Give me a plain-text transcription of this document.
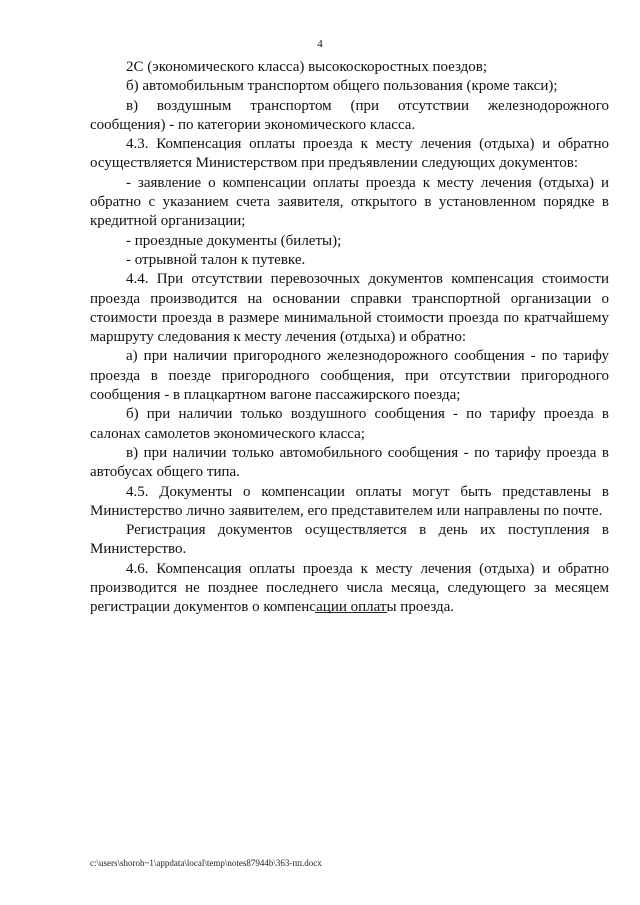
4

2С (экономического класса) высокоскоростных поездов;

б) автомобильным транспортом общего пользования (кроме такси);

в) воздушным транспортом (при отсутствии железнодорожного сообщения) - по категории экономического класса.

4.3. Компенсация оплаты проезда к месту лечения (отдыха) и обратно осуществляется Министерством при предъявлении следующих документов:

- заявление о компенсации оплаты проезда к месту лечения (отдыха) и обратно с указанием счета заявителя, открытого в установленном порядке в кредитной организации;

- проездные документы (билеты);

- отрывной талон к путевке.

4.4. При отсутствии перевозочных документов компенсация стоимости проезда производится на основании справки транспортной организации о стоимости проезда в размере минимальной стоимости проезда по кратчайшему маршруту следования к месту лечения (отдыха) и обратно:

а) при наличии пригородного железнодорожного сообщения - по тарифу проезда в поезде пригородного сообщения, при отсутствии пригородного сообщения - в плацкартном вагоне пассажирского поезда;

б) при наличии только воздушного сообщения - по тарифу проезда в салонах самолетов экономического класса;

в) при наличии только автомобильного сообщения - по тарифу проезда в автобусах общего типа.

4.5. Документы о компенсации оплаты могут быть представлены в Министерство лично заявителем, его представителем или направлены по почте.

Регистрация документов осуществляется в день их поступления в Министерство.

4.6. Компенсация оплаты проезда к месту лечения (отдыха) и обратно производится не позднее последнего числа месяца, следующего за месяцем регистрации документов о компенсации оплаты проезда.

c:\users\shoroh~1\appdata\local\temp\notes87944b\363-пп.docx
